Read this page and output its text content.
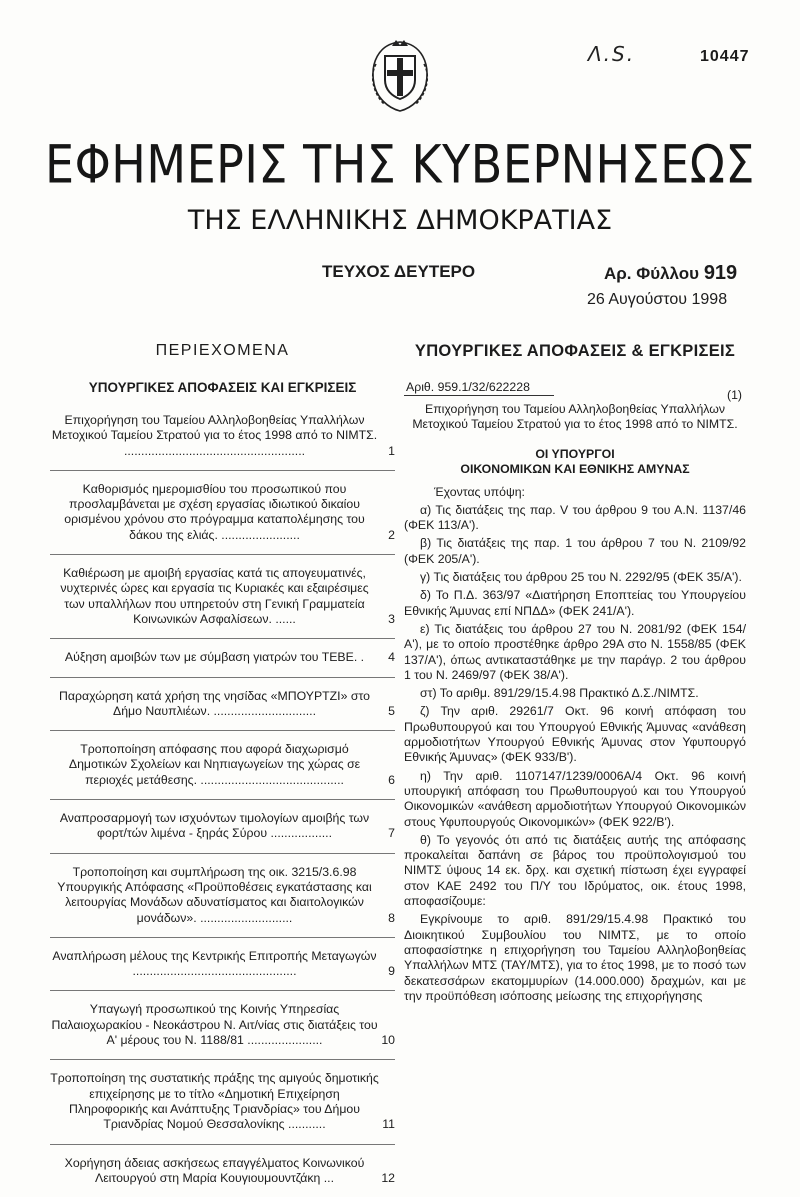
Λ.S.	10447
ΕΦΗΜΕΡΙΣ ΤΗΣ ΚΥΒΕΡΝΗΣΕΩΣ
ΤΗΣ ΕΛΛΗΝΙΚΗΣ ΔΗΜΟΚΡΑΤΙΑΣ
ΤΕΥΧΟΣ ΔΕΥΤΕΡΟ	Αρ. Φύλλου 919
26 Αυγούστου 1998
ΠΕΡΙΕΧΟΜΕΝΑ
ΥΠΟΥΡΓΙΚΕΣ ΑΠΟΦΑΣΕΙΣ ΚΑΙ ΕΓΚΡΙΣΕΙΣ
Επιχορήγηση του Ταμείου Αλληλοβοηθείας Υπαλλήλων Μετοχικού Ταμείου Στρατού για το έτος 1998 από το ΝΙΜΤΣ. .....................................................	1
Καθορισμός ημερομισθίου του προσωπικού που προσλαμβάνεται με σχέση εργασίας ιδιωτικού δικαίου ορισμένου χρόνου στο πρόγραμμα καταπολέμησης του δάκου της ελιάς. .......................	2
Καθιέρωση με αμοιβή εργασίας κατά τις απογευματινές, νυχτερινές ώρες και εργασία τις Κυριακές και εξαιρέσιμες των υπαλλήλων που υπηρετούν στη Γενική Γραμματεία Κοινωνικών Ασφαλίσεων. ......	3
Αύξηση αμοιβών των με σύμβαση γιατρών του ΤΕΒΕ. . 4
Παραχώρηση κατά χρήση της νησίδας «ΜΠΟΥΡΤΖΙ» στο Δήμο Ναυπλιέων. ..............................	5
Τροποποίηση απόφασης που αφορά διαχωρισμό Δημοτικών Σχολείων και Νηπιαγωγείων της χώρας σε περιοχές μετάθεσης. ..........................................	6
Αναπροσαρμογή των ισχυόντων τιμολογίων αμοιβής των φορτ/τών λιμένα - ξηράς Σύρου ..................	7
Τροποποίηση και συμπλήρωση της οικ. 3215/3.6.98 Υπουργικής Απόφασης «Προϋποθέσεις εγκατάστασης και λειτουργίας Μονάδων αδυνατίσματος και διαιτολογικών μονάδων». ...........................	8
Αναπλήρωση μέλους της Κεντρικής Επιτροπής Μεταγωγών ................................................	9
Υπαγωγή προσωπικού της Κοινής Υπηρεσίας Παλαιοχωρακίου - Νεοκάστρου Ν. Αιτ/νίας στις διατάξεις του Α' μέρους του Ν. 1188/81 ......................	10
Τροποποίηση της συστατικής πράξης της αμιγούς δημοτικής επιχείρησης με το τίτλο «Δημοτική Επιχείρηση Πληροφορικής και Ανάπτυξης Τριανδρίας» του Δήμου Τριανδρίας Νομού Θεσσαλονίκης ...........	11
Χορήγηση άδειας ασκήσεως επαγγέλματος Κοινωνικού Λειτουργού στη Μαρία Κουγιουμουντζάκη ...	12
ΥΠΟΥΡΓΙΚΕΣ ΑΠΟΦΑΣΕΙΣ & ΕΓΚΡΙΣΕΙΣ
Αριθ. 959.1/32/622228
Επιχορήγηση του Ταμείου Αλληλοβοηθείας Υπαλλήλων Μετοχικού Ταμείου Στρατού για το έτος 1998 από το ΝΙΜΤΣ.
ΟΙ ΥΠΟΥΡΓΟΙ
ΟΙΚΟΝΟΜΙΚΩΝ ΚΑΙ ΕΘΝΙΚΗΣ ΑΜΥΝΑΣ
Έχοντας υπόψη:
α) Τις διατάξεις της παρ. V του άρθρου 9 του Α.Ν. 1137/46 (ΦΕΚ 113/Α').
β) Τις διατάξεις της παρ. 1 του άρθρου 7 του Ν. 2109/92 (ΦΕΚ 205/Α').
γ) Τις διατάξεις του άρθρου 25 του Ν. 2292/95 (ΦΕΚ 35/Α').
δ) Το Π.Δ. 363/97 «Διατήρηση Εποπτείας του Υπουργείου Εθνικής Άμυνας επί ΝΠΔΔ» (ΦΕΚ 241/Α').
ε) Τις διατάξεις του άρθρου 27 του Ν. 2081/92 (ΦΕΚ 154/Α'), με το οποίο προστέθηκε άρθρο 29Α στο Ν. 1558/85 (ΦΕΚ 137/Α'), όπως αντικαταστάθηκε με την παράγρ. 2 του άρθρου 1 του Ν. 2469/97 (ΦΕΚ 38/Α').
στ) Το αριθμ. 891/29/15.4.98 Πρακτικό Δ.Σ./ΝΙΜΤΣ.
ζ) Την αριθ. 29261/7 Οκτ. 96 κοινή απόφαση του Πρωθυπουργού και του Υπουργού Εθνικής Άμυνας «ανάθεση αρμοδιοτήτων Υπουργού Εθνικής Άμυνας στον Υφυπουργό Εθνικής Άμυνας» (ΦΕΚ 933/Β').
η) Την αριθ. 1107147/1239/0006Α/4 Οκτ. 96 κοινή υπουργική απόφαση του Πρωθυπουργού και του Υπουργού Οικονομικών «ανάθεση αρμοδιοτήτων Υπουργού Οικονομικών στους Υφυπουργούς Οικονομικών» (ΦΕΚ 922/Β').
θ) Το γεγονός ότι από τις διατάξεις αυτής της απόφασης προκαλείται δαπάνη σε βάρος του προϋπολογισμού του ΝΙΜΤΣ ύψους 14 εκ. δρχ. και σχετική πίστωση έχει εγγραφεί στον ΚΑΕ 2492 του Π/Υ του Ιδρύματος, οικ. έτους 1998, αποφασίζουμε:
Εγκρίνουμε το αριθ. 891/29/15.4.98 Πρακτικό του Διοικητικού Συμβουλίου του ΝΙΜΤΣ, με το οποίο αποφασίστηκε η επιχορήγηση του Ταμείου Αλληλοβοηθείας Υπαλλήλων ΜΤΣ (ΤΑΥ/ΜΤΣ), για το έτος 1998, με το ποσό των δεκατεσσάρων εκατομμυρίων (14.000.000) δραχμών, και με την προϋπόθεση ισόποσης μείωσης της επιχορήγησης
(1)
